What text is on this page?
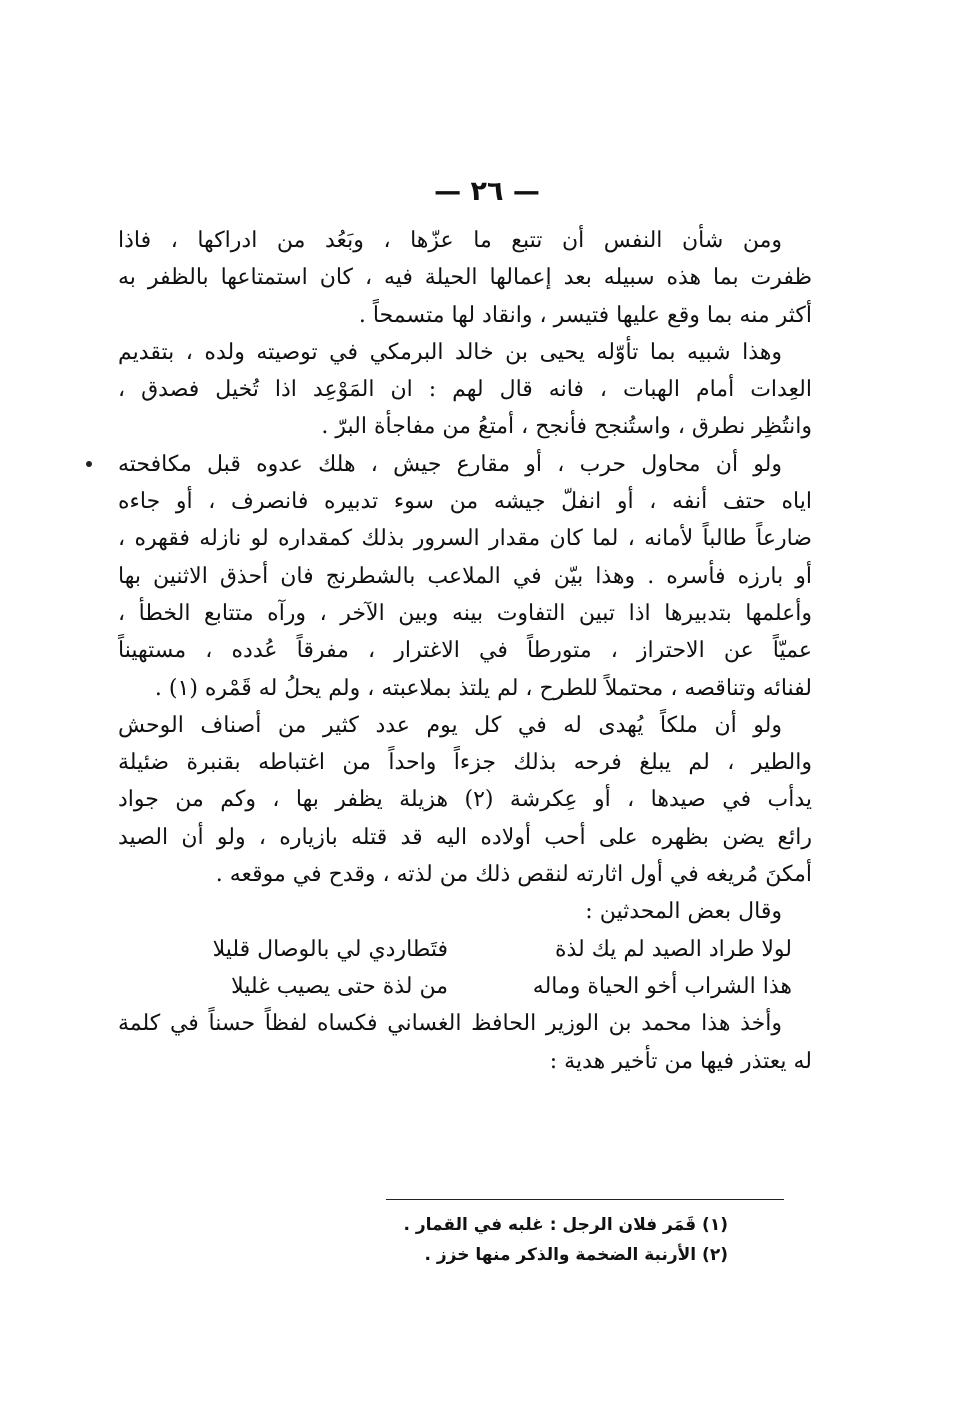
— ٢٦ —
ومن شأن النفس أن تتبع ما عزّها ، وبَعُد من ادراكها ، فاذا
ظفرت بما هذه سبيله بعد إعمالها الحيلة فيه ، كان استمتاعها بالظفر به
أكثر منه بما وقع عليها فتيسر ، وانقاد لها متسمحاً .
وهذا شبيه بما تأوّله يحيى بن خالد البرمكي في توصيته ولده ، بتقديم
العِدات أمام الهبات ، فانه قال لهم : ان المَوْعِد اذا تُخيل فصدق ،
وانتُظِر نطرق ، واستُنجح فأنجح ، أمتعُ من مفاجأة البرّ .
ولو أن محاول حرب ، أو مقارع جيش ، هلك عدوه قبل مكافحته
اياه حتف أنفه ، أو انفلّ جيشه من سوء تدبيره فانصرف ، أو جاءه
ضارعاً طالباً لأمانه ، لما كان مقدار السرور بذلك كمقداره لو نازله فقهره ،
أو بارزه فأسره . وهذا بيّن في الملاعب بالشطرنج فان أحذق الاثنين بها
وأعلمها بتدبيرها اذا تبين التفاوت بينه وبين الآخر ، ورآه متتابع الخطأ ،
عميّاً عن الاحتراز ، متورطاً في الاغترار ، مفرقاً عُدده ، مستهيناً
لفنائه وتناقصه ، محتملاً للطرح ، لم يلتذ بملاعبته ، ولم يحلُ له قَمْره (١) .
ولو أن ملكاً يُهدى له في كل يوم عدد كثير من أصناف الوحش
والطير ، لم يبلغ فرحه بذلك جزءاً واحداً من اغتباطه بقنبرة ضئيلة
يدأب في صيدها ، أو عِكرشة (٢) هزيلة يظفر بها ، وكم من جواد
رائع يضن بظهره على أحب أولاده اليه قد قتله بازياره ، ولو أن الصيد
أمكنَ مُريغه في أول اثارته لنقص ذلك من لذته ، وقدح في موقعه .
وقال بعض المحدثين :
لولا طراد الصيد لم يك لذة
فتَطاردي لي بالوصال قليلا
هذا الشراب أخو الحياة وماله
من لذة حتى يصيب غليلا
وأخذ هذا محمد بن الوزير الحافظ الغساني فكساه لفظاً حسناً في كلمة
له يعتذر فيها من تأخير هدية :
(١) قَمَر فلان الرجل : غلبه في القمار .
(٢) الأرنبة الضخمة والذكر منها خزز .
